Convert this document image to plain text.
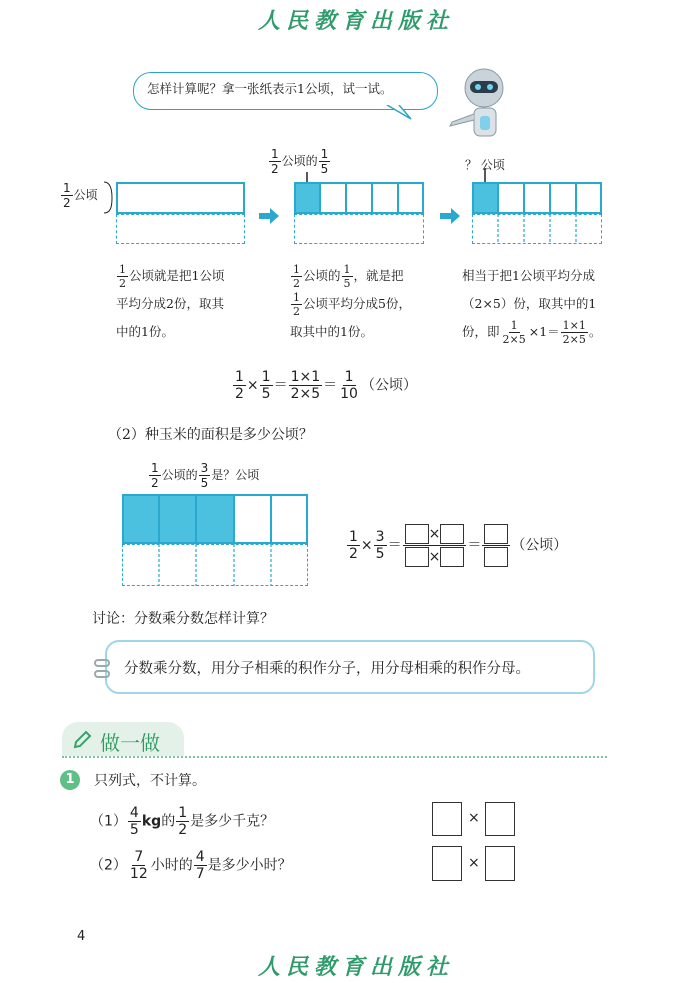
人民教育出版社
怎样计算呢？拿一张纸表示1公顷，试一试。
$\frac{1}{2}$ 公顷
$\frac{1}{2}$ 公顷的 $\frac{1}{5}$	？ 公顷
$\frac{1}{2}$ 公顷就是把1公顷
平均分成2份，取其
中的1份。
$\frac{1}{2}$ 公顷的 $\frac{1}{5}$ ，就是把
$\frac{1}{2}$ 公顷平均分成5份，
取其中的1份。
相当于把1公顷平均分成
（2×5）份，取其中的1
份，即 $\frac{1}{2\times 5} \times 1= \frac{1\times 1}{2\times 5}$ 。
$\frac{1}{2} \times \frac{1}{5} = \frac{1\times 1}{2\times 5} = \frac{1}{10}$ （公顷）
（2）种玉米的面积是多少公顷？
$\frac{1}{2}$ 公顷的 $\frac{3}{5}$ 是？公顷
$\frac{1}{2} \times \frac{3}{5} = \frac{\times}{\times}$ ＝ （公顷）
讨论：分数乘分数怎样计算？
分数乘分数，用分子相乘的积作分子，用分母相乘的积作分母。
做一做
1	只列式，不计算。
$(1) \frac{4}{5}$ kg的 $\frac{1}{2}$ 是多少千克？	×
$(2) \frac{7}{12}$ 小时的 $\frac{4}{7}$ 是多少小时？	×
4
人民教育出版社
